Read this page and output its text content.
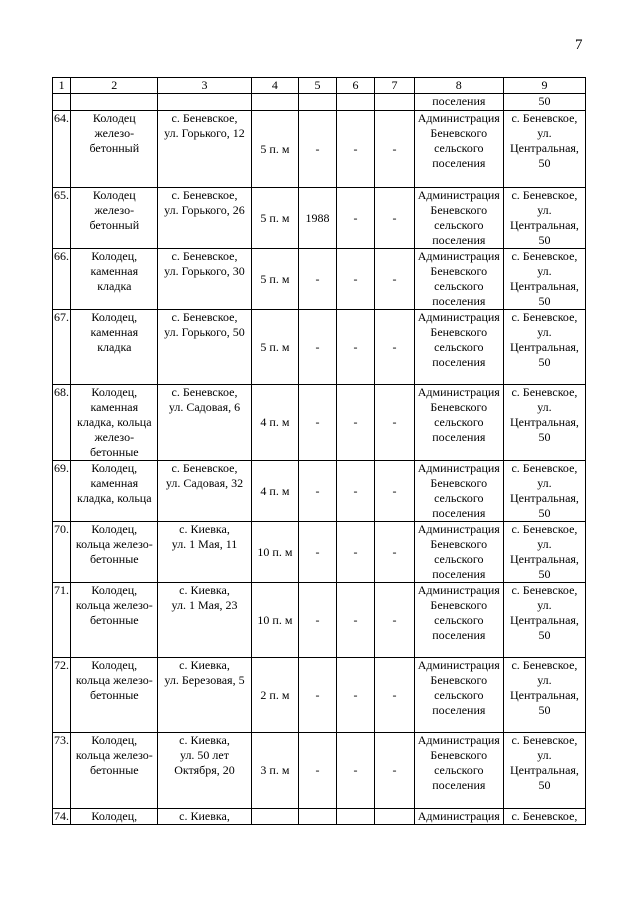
7
1	2	3	4	5	6	7	8	9
							поселения	50
64.	Колодец
железо-
бетонный	с. Беневское,
ул. Горького, 12	5 п. м	-	-	-	Администрация
Беневского
сельского
поселения	с. Беневское,
ул.
Центральная,
50
65.	Колодец
железо-
бетонный	с. Беневское,
ул. Горького, 26	5 п. м	1988	-	-	Администрация
Беневского
сельского
поселения	с. Беневское,
ул.
Центральная,
50
66.	Колодец,
каменная
кладка	с. Беневское,
ул. Горького, 30	5 п. м	-	-	-	Администрация
Беневского
сельского
поселения	с. Беневское,
ул.
Центральная,
50
67.	Колодец,
каменная
кладка	с. Беневское,
ул. Горького, 50	5 п. м	-	-	-	Администрация
Беневского
сельского
поселения	с. Беневское,
ул.
Центральная,
50
68.	Колодец,
каменная
кладка, кольца
железо-
бетонные	с. Беневское,
ул. Садовая, 6	4 п. м	-	-	-	Администрация
Беневского
сельского
поселения	с. Беневское,
ул.
Центральная,
50
69.	Колодец,
каменная
кладка, кольца	с. Беневское,
ул. Садовая, 32	4 п. м	-	-	-	Администрация
Беневского
сельского
поселения	с. Беневское,
ул.
Центральная,
50
70.	Колодец,
кольца железо-
бетонные	с. Киевка,
ул. 1 Мая, 11	10 п. м	-	-	-	Администрация
Беневского
сельского
поселения	с. Беневское,
ул.
Центральная,
50
71.	Колодец,
кольца железо-
бетонные	с. Киевка,
ул. 1 Мая, 23	10 п. м	-	-	-	Администрация
Беневского
сельского
поселения	с. Беневское,
ул.
Центральная,
50
72.	Колодец,
кольца железо-
бетонные	с. Киевка,
ул. Березовая, 5	2 п. м	-	-	-	Администрация
Беневского
сельского
поселения	с. Беневское,
ул.
Центральная,
50
73.	Колодец,
кольца железо-
бетонные	с. Киевка,
ул. 50 лет
Октября, 20	3 п. м	-	-	-	Администрация
Беневского
сельского
поселения	с. Беневское,
ул.
Центральная,
50
74.	Колодец,	с. Киевка,					Администрация	с. Беневское,
